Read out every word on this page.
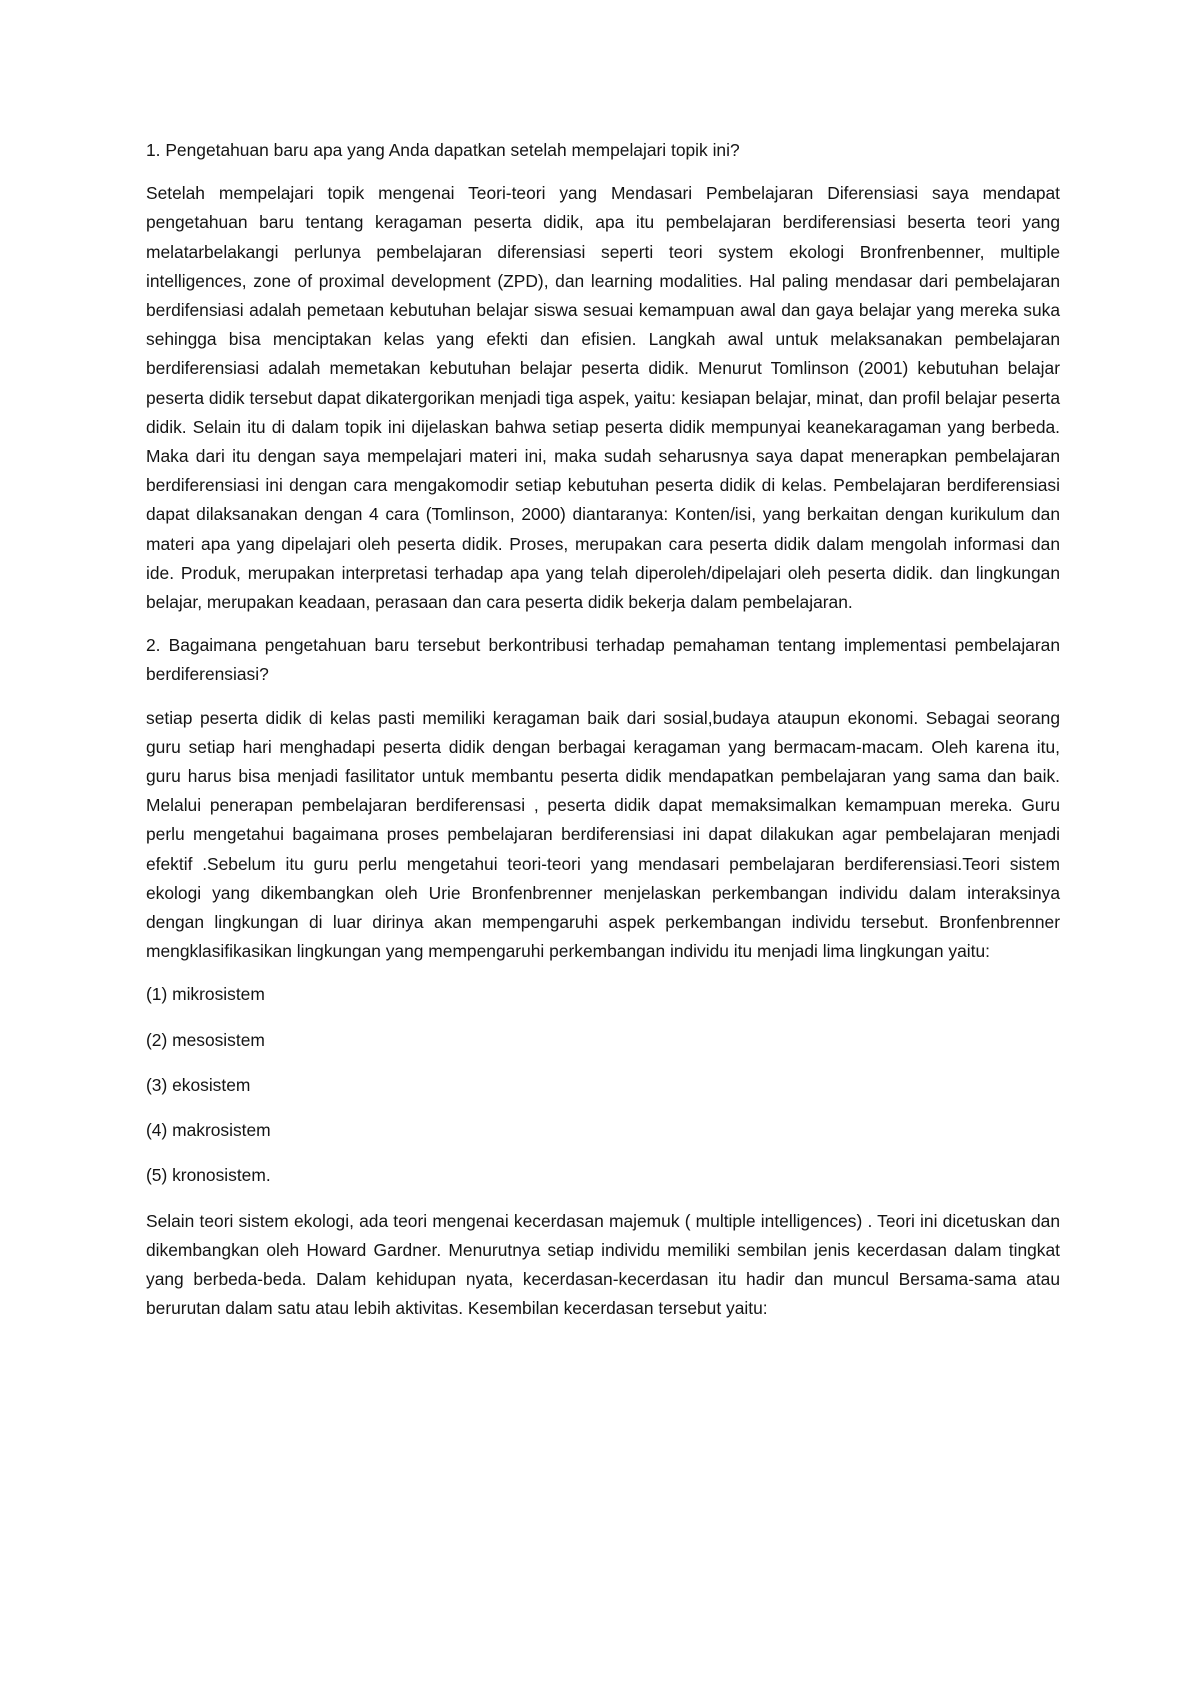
1. Pengetahuan baru apa yang Anda dapatkan setelah mempelajari topik ini?

Setelah mempelajari topik mengenai Teori-teori yang Mendasari Pembelajaran Diferensiasi saya mendapat pengetahuan baru tentang keragaman peserta didik, apa itu pembelajaran berdiferensiasi beserta teori yang melatarbelakangi perlunya pembelajaran diferensiasi seperti teori system ekologi Bronfrenbenner, multiple intelligences, zone of proximal development (ZPD), dan learning modalities. Hal paling mendasar dari pembelajaran berdifensiasi adalah pemetaan kebutuhan belajar siswa sesuai kemampuan awal dan gaya belajar yang mereka suka sehingga bisa menciptakan kelas yang efekti dan efisien. Langkah awal untuk melaksanakan pembelajaran berdiferensiasi adalah memetakan kebutuhan belajar peserta didik. Menurut Tomlinson (2001) kebutuhan belajar peserta didik tersebut dapat dikatergorikan menjadi tiga aspek, yaitu: kesiapan belajar, minat, dan profil belajar peserta didik. Selain itu di dalam topik ini dijelaskan bahwa setiap peserta didik mempunyai keanekaragaman yang berbeda. Maka dari itu dengan saya mempelajari materi ini, maka sudah seharusnya saya dapat menerapkan pembelajaran berdiferensiasi ini dengan cara mengakomodir setiap kebutuhan peserta didik di kelas. Pembelajaran berdiferensiasi dapat dilaksanakan dengan 4 cara (Tomlinson, 2000) diantaranya: Konten/isi, yang berkaitan dengan kurikulum dan materi apa yang dipelajari oleh peserta didik. Proses, merupakan cara peserta didik dalam mengolah informasi dan ide. Produk, merupakan interpretasi terhadap apa yang telah diperoleh/dipelajari oleh peserta didik. dan lingkungan belajar, merupakan keadaan, perasaan dan cara peserta didik bekerja dalam pembelajaran.

2. Bagaimana pengetahuan baru tersebut berkontribusi terhadap pemahaman tentang implementasi pembelajaran berdiferensiasi?

setiap peserta didik di kelas pasti memiliki keragaman baik dari sosial,budaya ataupun ekonomi. Sebagai seorang guru setiap hari menghadapi peserta didik dengan berbagai keragaman yang bermacam-macam. Oleh karena itu, guru harus bisa menjadi fasilitator untuk membantu peserta didik mendapatkan pembelajaran yang sama dan baik. Melalui penerapan pembelajaran berdiferensasi , peserta didik dapat memaksimalkan kemampuan mereka. Guru perlu mengetahui bagaimana proses pembelajaran berdiferensiasi ini dapat dilakukan agar pembelajaran menjadi efektif .Sebelum itu guru perlu mengetahui teori-teori yang mendasari pembelajaran berdiferensiasi.Teori sistem ekologi yang dikembangkan oleh Urie Bronfenbrenner menjelaskan perkembangan individu dalam interaksinya dengan lingkungan di luar dirinya akan mempengaruhi aspek perkembangan individu tersebut. Bronfenbrenner mengklasifikasikan lingkungan yang mempengaruhi perkembangan individu itu menjadi lima lingkungan yaitu:

(1) mikrosistem

(2) mesosistem

(3) ekosistem

(4) makrosistem

(5) kronosistem.

Selain teori sistem ekologi, ada teori mengenai kecerdasan majemuk ( multiple intelligences) . Teori ini dicetuskan dan dikembangkan oleh Howard Gardner. Menurutnya setiap individu memiliki sembilan jenis kecerdasan dalam tingkat yang berbeda-beda. Dalam kehidupan nyata, kecerdasan-kecerdasan itu hadir dan muncul Bersama-sama atau berurutan dalam satu atau lebih aktivitas. Kesembilan kecerdasan tersebut yaitu:
